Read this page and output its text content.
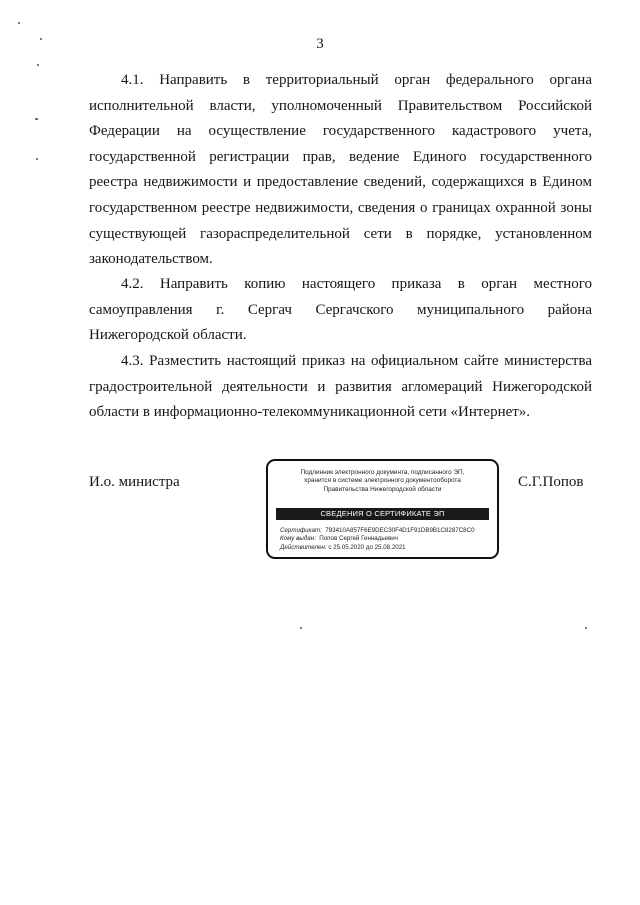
3

4.1. Направить в территориальный орган федерального органа исполнительной власти, уполномоченный Правительством Российской Федерации на осуществление государственного кадастрового учета, государственной регистрации прав, ведение Единого государственного реестра недвижимости и предоставление сведений, содержащихся в Едином государственном реестре недвижимости, сведения о границах охранной зоны существующей газораспределительной сети в порядке, установленном законодательством.

4.2. Направить копию настоящего приказа в орган местного самоуправления г. Сергач Сергачского муниципального района Нижегородской области.

4.3. Разместить настоящий приказ на официальном сайте министерства градостроительной деятельности и развития агломераций Нижегородской области в информационно-телекоммуникационной сети «Интернет».

И.о. министра
Подлинник электронного документа, подписанного ЭП,
хранится в системе электронного документооборота
Правительства Нижегородской области
СВЕДЕНИЯ О СЕРТИФИКАТЕ ЭП
Сертификат: 793410A857F6E9DEC30F4D1F91DB9B1C8287C8C0
Кому выдан: Попов Сергей Геннадьевич
Действителен: с 25.05.2020 до 25.08.2021
С.Г.Попов
